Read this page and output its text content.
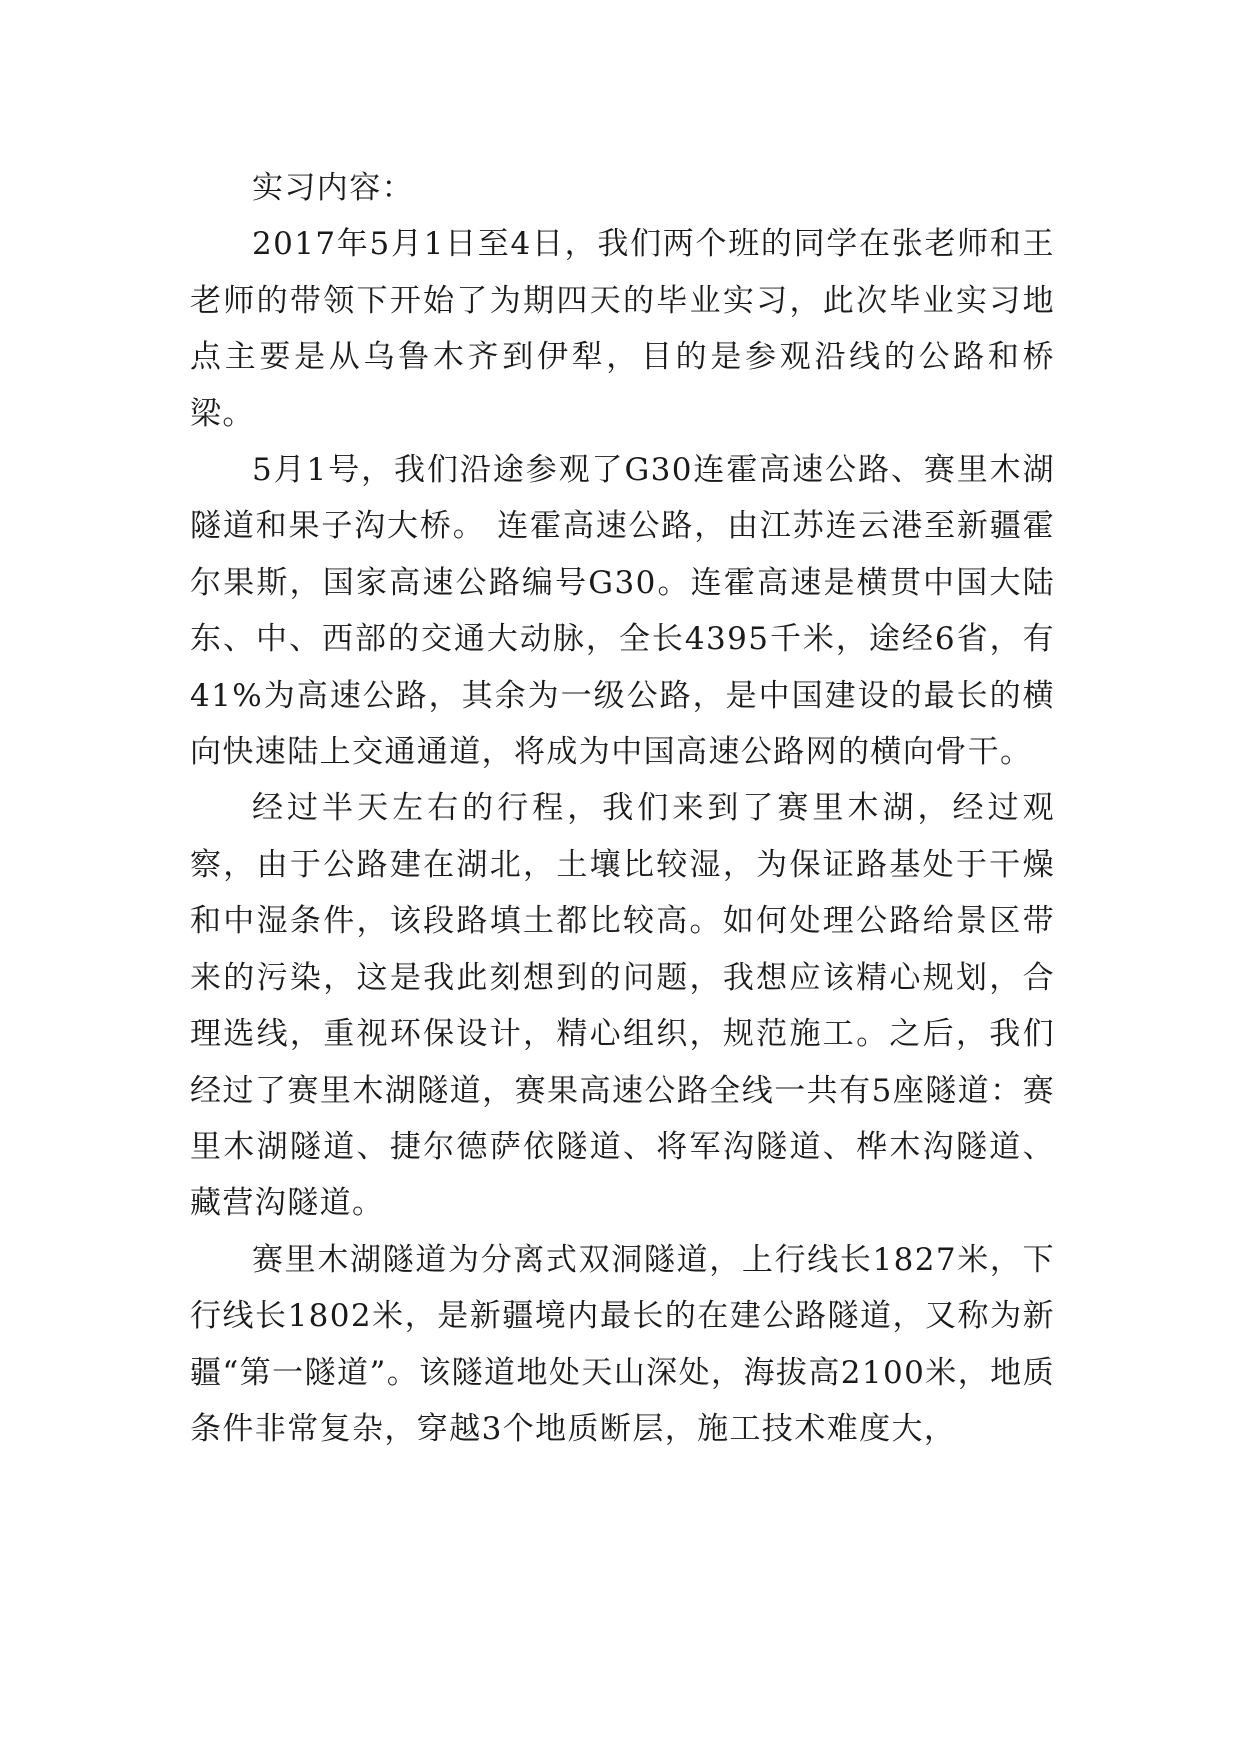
实习内容：

2017年5月1日至4日，我们两个班的同学在张老师和王老师的带领下开始了为期四天的毕业实习，此次毕业实习地点主要是从乌鲁木齐到伊犁，目的是参观沿线的公路和桥梁。

5月1号，我们沿途参观了G30连霍高速公路、赛里木湖隧道和果子沟大桥。 连霍高速公路，由江苏连云港至新疆霍尔果斯，国家高速公路编号G30。连霍高速是横贯中国大陆东、中、西部的交通大动脉，全长4395千米，途经6省，有41%为高速公路，其余为一级公路，是中国建设的最长的横向快速陆上交通通道，将成为中国高速公路网的横向骨干。

经过半天左右的行程，我们来到了赛里木湖，经过观察，由于公路建在湖北，土壤比较湿，为保证路基处于干燥和中湿条件，该段路填土都比较高。如何处理公路给景区带来的污染，这是我此刻想到的问题，我想应该精心规划，合理选线，重视环保设计，精心组织，规范施工。之后，我们经过了赛里木湖隧道，赛果高速公路全线一共有5座隧道：赛里木湖隧道、捷尔德萨依隧道、将军沟隧道、桦木沟隧道、藏营沟隧道。

赛里木湖隧道为分离式双洞隧道，上行线长1827米，下行线长1802米，是新疆境内最长的在建公路隧道，又称为新疆“第一隧道”。该隧道地处天山深处，海拔高2100米，地质条件非常复杂，穿越3个地质断层，施工技术难度大，
